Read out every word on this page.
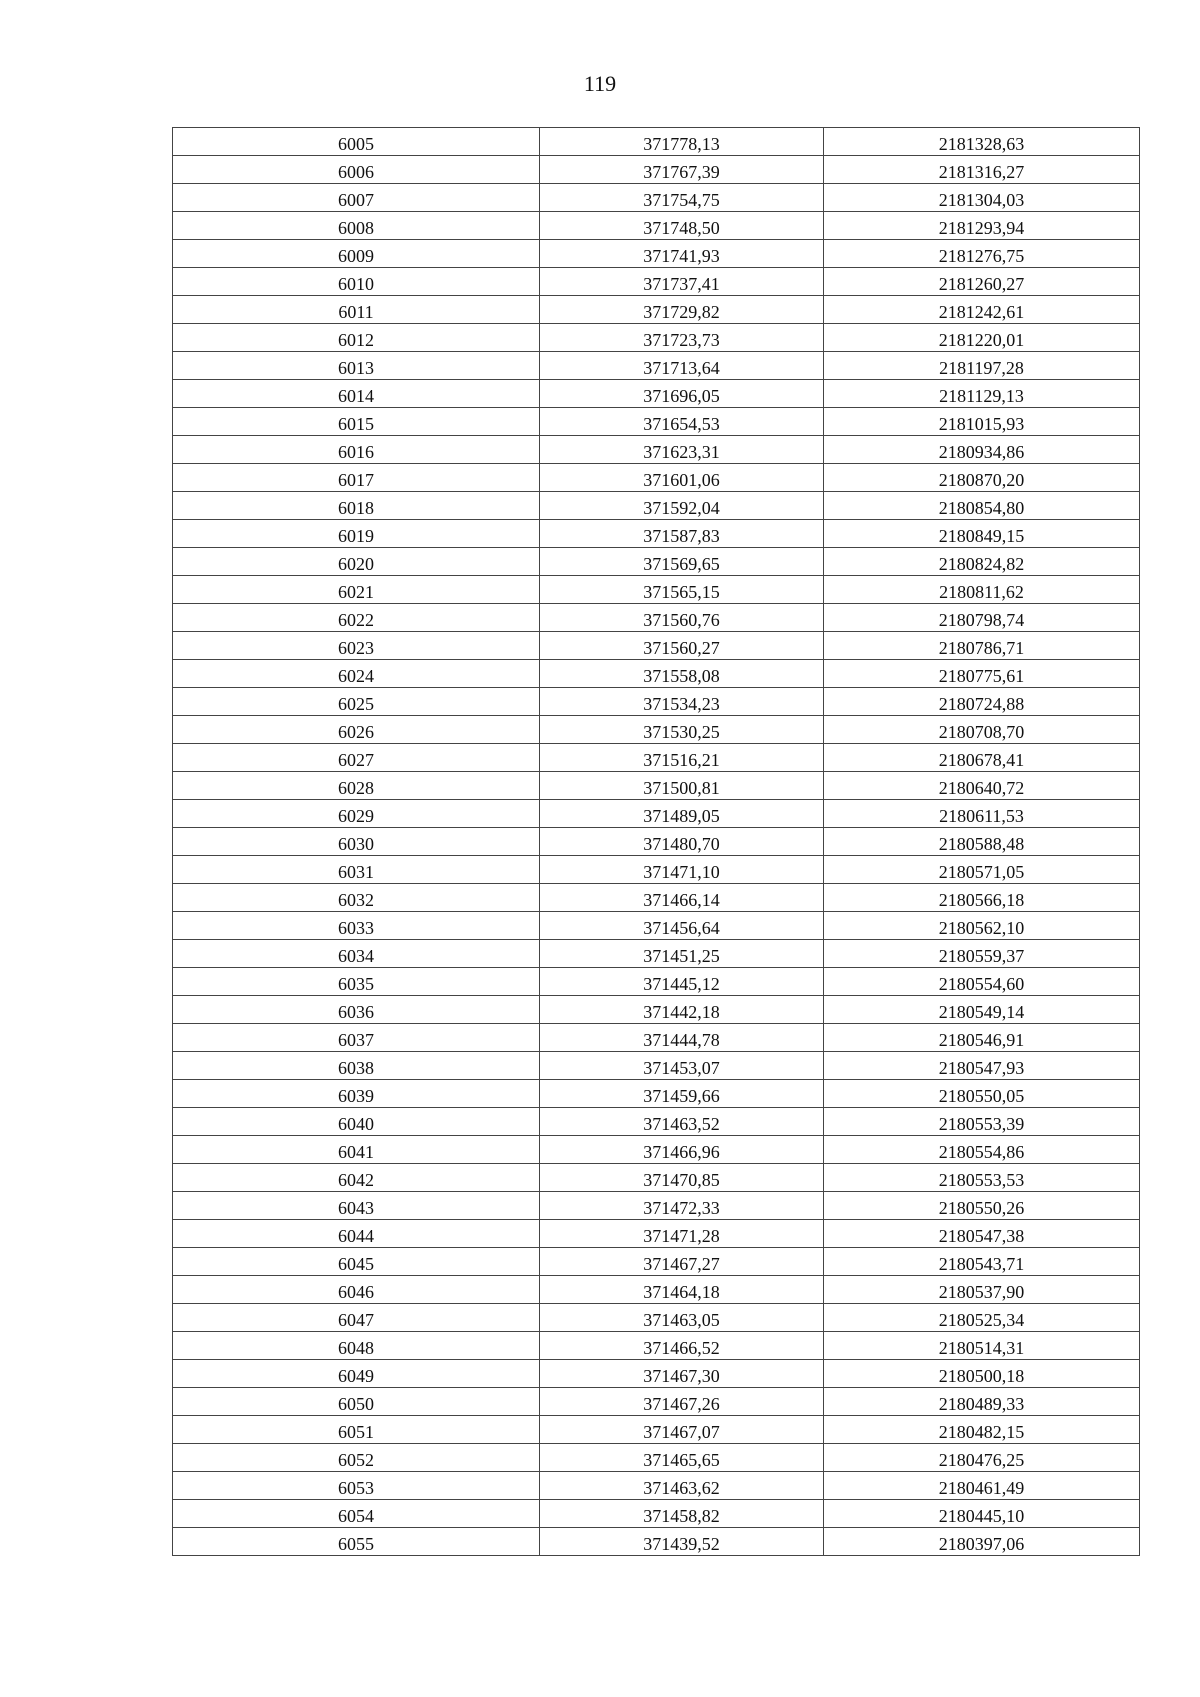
119
6005	371778,13	2181328,63
6006	371767,39	2181316,27
6007	371754,75	2181304,03
6008	371748,50	2181293,94
6009	371741,93	2181276,75
6010	371737,41	2181260,27
6011	371729,82	2181242,61
6012	371723,73	2181220,01
6013	371713,64	2181197,28
6014	371696,05	2181129,13
6015	371654,53	2181015,93
6016	371623,31	2180934,86
6017	371601,06	2180870,20
6018	371592,04	2180854,80
6019	371587,83	2180849,15
6020	371569,65	2180824,82
6021	371565,15	2180811,62
6022	371560,76	2180798,74
6023	371560,27	2180786,71
6024	371558,08	2180775,61
6025	371534,23	2180724,88
6026	371530,25	2180708,70
6027	371516,21	2180678,41
6028	371500,81	2180640,72
6029	371489,05	2180611,53
6030	371480,70	2180588,48
6031	371471,10	2180571,05
6032	371466,14	2180566,18
6033	371456,64	2180562,10
6034	371451,25	2180559,37
6035	371445,12	2180554,60
6036	371442,18	2180549,14
6037	371444,78	2180546,91
6038	371453,07	2180547,93
6039	371459,66	2180550,05
6040	371463,52	2180553,39
6041	371466,96	2180554,86
6042	371470,85	2180553,53
6043	371472,33	2180550,26
6044	371471,28	2180547,38
6045	371467,27	2180543,71
6046	371464,18	2180537,90
6047	371463,05	2180525,34
6048	371466,52	2180514,31
6049	371467,30	2180500,18
6050	371467,26	2180489,33
6051	371467,07	2180482,15
6052	371465,65	2180476,25
6053	371463,62	2180461,49
6054	371458,82	2180445,10
6055	371439,52	2180397,06
